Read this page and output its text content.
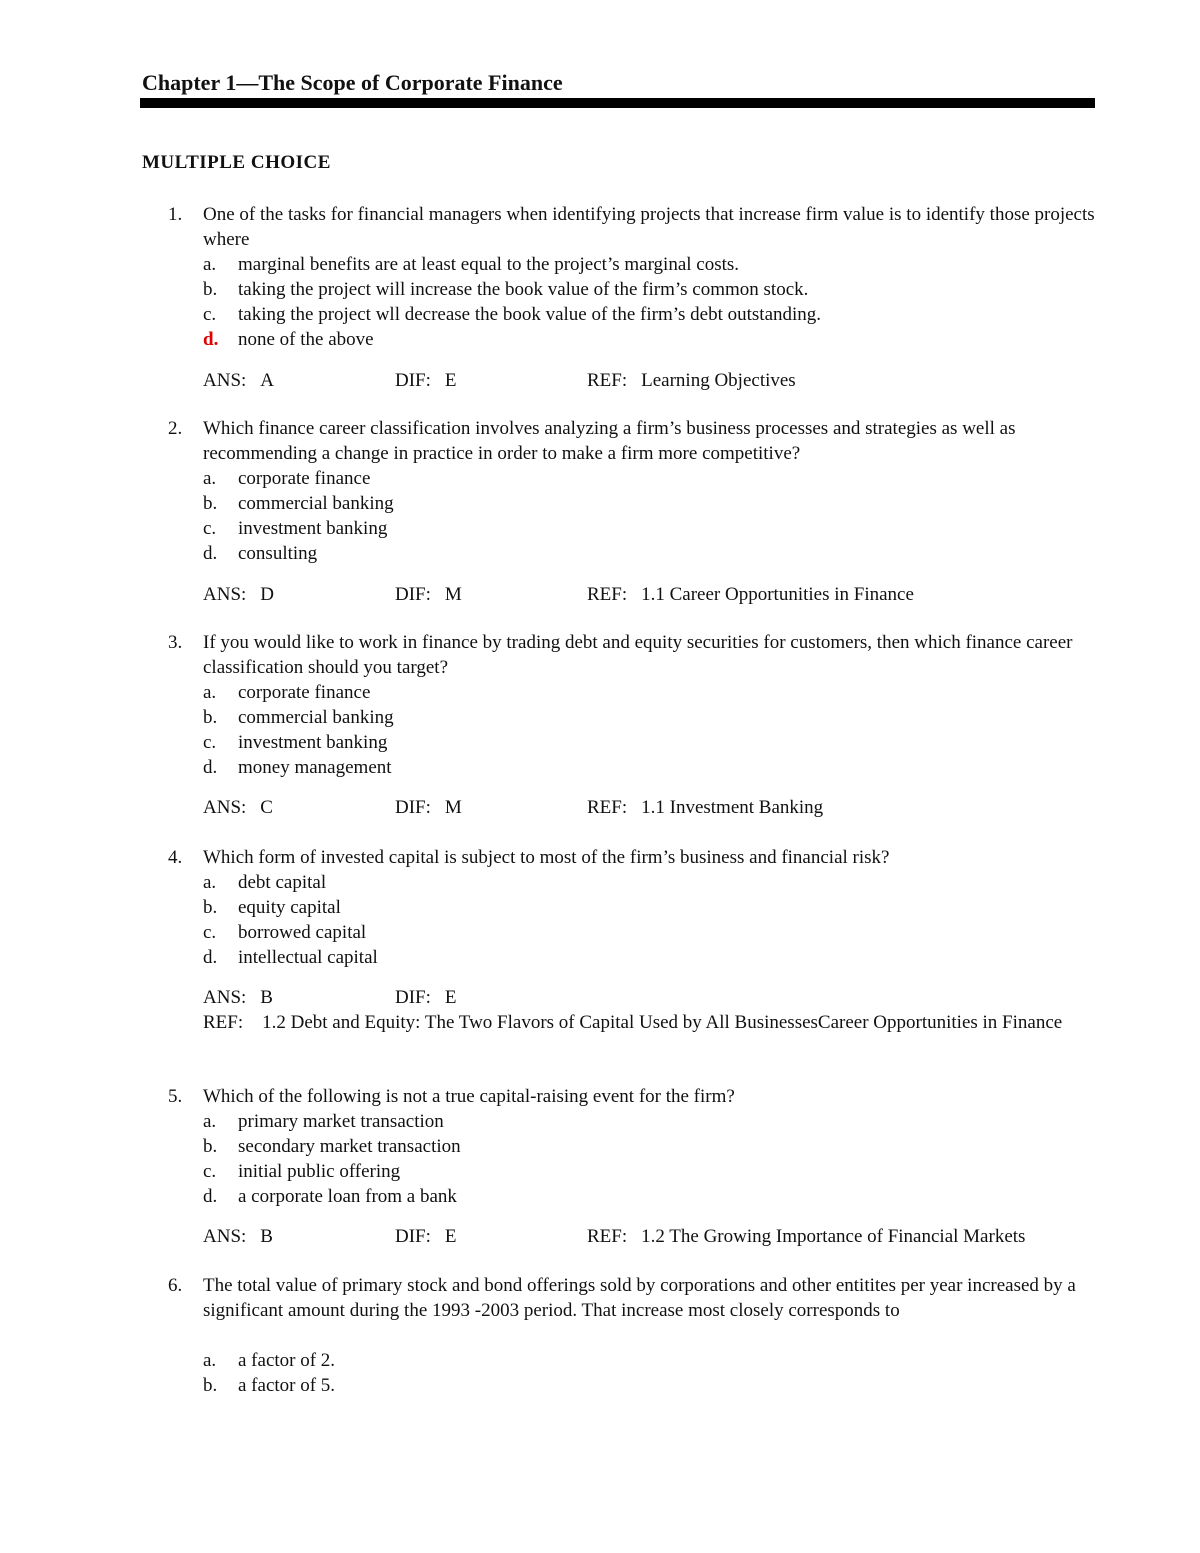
Chapter 1—The Scope of Corporate Finance
MULTIPLE CHOICE
1. One of the tasks for financial managers when identifying projects that increase firm value is to identify those projects where
a. marginal benefits are at least equal to the project’s marginal costs.
b. taking the project will increase the book value of the firm’s common stock.
c. taking the project wll decrease the book value of the firm’s debt outstanding.
d. none of the above
ANS: A	DIF: E	REF: Learning Objectives
2. Which finance career classification involves analyzing a firm’s business processes and strategies as well as recommending a change in practice in order to make a firm more competitive?
a. corporate finance
b. commercial banking
c. investment banking
d. consulting
ANS: D	DIF: M	REF: 1.1 Career Opportunities in Finance
3. If you would like to work in finance by trading debt and equity securities for customers, then which finance career classification should you target?
a. corporate finance
b. commercial banking
c. investment banking
d. money management
ANS: C	DIF: M	REF: 1.1 Investment Banking
4. Which form of invested capital is subject to most of the firm’s business and financial risk?
a. debt capital
b. equity capital
c. borrowed capital
d. intellectual capital
ANS: B	DIF: E
REF: 1.2 Debt and Equity: The Two Flavors of Capital Used by All BusinessesCareer Opportunities in Finance
5. Which of the following is not a true capital-raising event for the firm?
a. primary market transaction
b. secondary market transaction
c. initial public offering
d. a corporate loan from a bank
ANS: B	DIF: E	REF: 1.2 The Growing Importance of Financial Markets
6. The total value of primary stock and bond offerings sold by corporations and other entitites per year increased by a significant amount during the 1993 -2003 period. That increase most closely corresponds to
a. a factor of 2.
b. a factor of 5.
